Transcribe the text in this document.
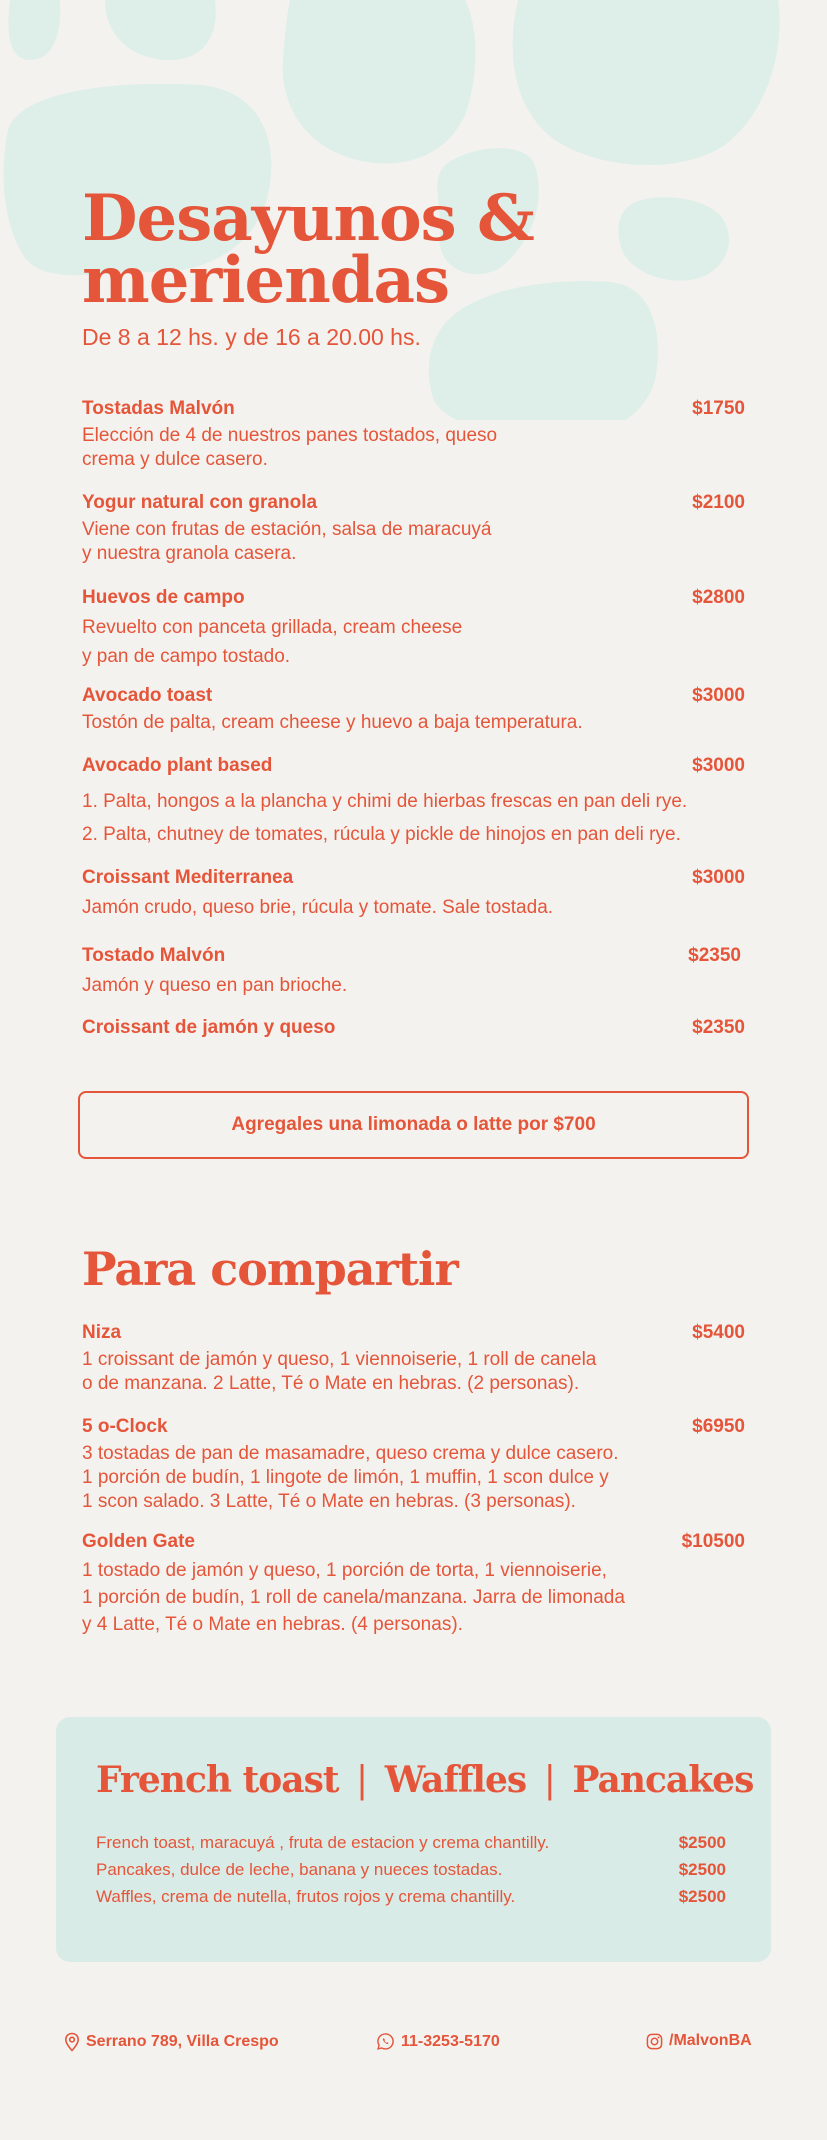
Desayunos &
meriendas
De 8 a 12 hs. y de 16 a 20.00 hs.
Tostadas Malvón	$1750
Elección de 4 de nuestros panes tostados, queso
crema y dulce casero.
Yogur natural con granola	$2100
Viene con frutas de estación, salsa de maracuyá
y nuestra granola casera.
Huevos de campo	$2800
Revuelto con panceta grillada, cream cheese
y pan de campo tostado.
Avocado toast	$3000
Tostón de palta, cream cheese y huevo a baja temperatura.
Avocado plant based	$3000
1. Palta, hongos a la plancha y chimi de hierbas frescas en pan deli rye.
2. Palta, chutney de tomates, rúcula y pickle de hinojos en pan deli rye.
Croissant Mediterranea	$3000
Jamón crudo, queso brie, rúcula y tomate. Sale tostada.
Tostado Malvón	$2350
Jamón y queso en pan brioche.
Croissant de jamón y queso	$2350
Agregales una limonada o latte por $700
Para compartir
Niza	$5400
1 croissant de jamón y queso, 1 viennoiserie, 1 roll de canela
o de manzana. 2 Latte, Té o Mate en hebras. (2 personas).
5 o-Clock	$6950
3 tostadas de pan de masamadre, queso crema y dulce casero.
1 porción de budín, 1 lingote de limón, 1 muffin, 1 scon dulce y
1 scon salado. 3 Latte, Té o Mate en hebras. (3 personas).
Golden Gate	$10500
1 tostado de jamón y queso, 1 porción de torta, 1 viennoiserie,
1 porción de budín, 1 roll de canela/manzana. Jarra de limonada
y 4 Latte, Té o Mate en hebras. (4 personas).
French toast | Waffles | Pancakes
French toast, maracuyá , fruta de estacion y crema chantilly.	$2500
Pancakes, dulce de leche, banana y nueces tostadas.	$2500
Waffles, crema de nutella, frutos rojos y crema chantilly.	$2500
Serrano 789, Villa Crespo	11-3253-5170	/MalvonBA
